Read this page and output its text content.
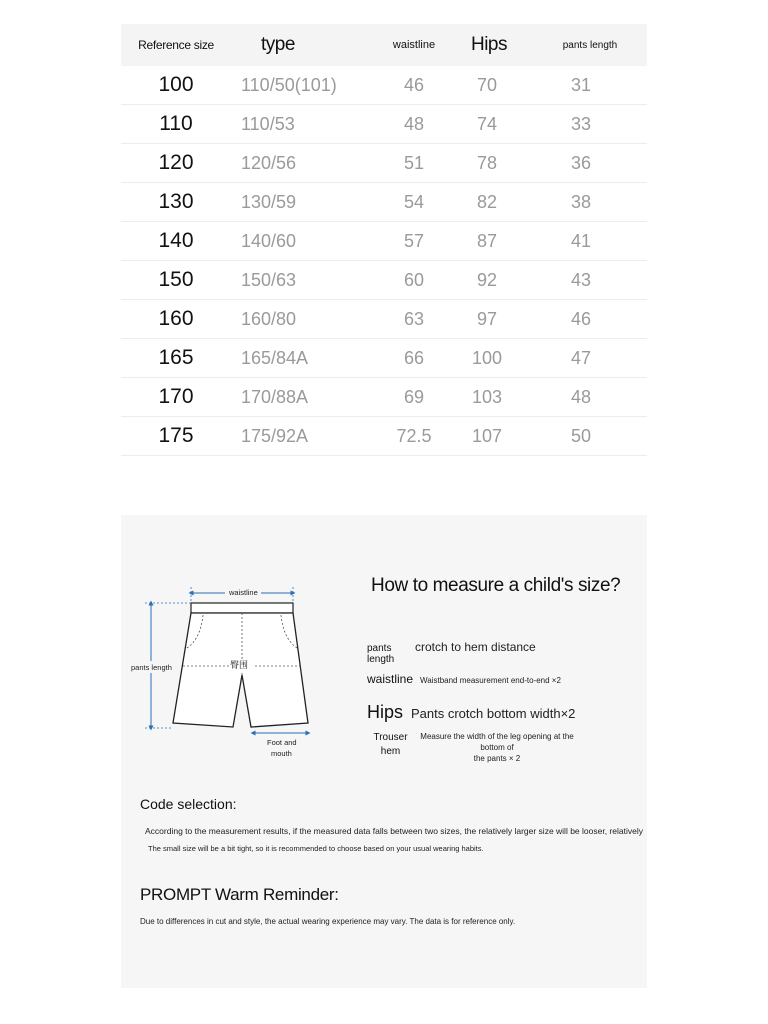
Reference size	type	waistline	Hips	pants length
100	110/50(101)	46	70	31
110	110/53	48	74	33
120	120/56	51	78	36
130	130/59	54	82	38
140	140/60	57	87	41
150	150/63	60	92	43
160	160/80	63	97	46
165	165/84A	66	100	47
170	170/88A	69	103	48
175	175/92A	72.5	107	50
waistline
臀围
pants length
Foot and
mouth
How to measure a child's size?
pants length
crotch to hem distance
waistline Waistband measurement end-to-end ×2
Hips Pants crotch bottom width×2
Trouser
hem
Measure the width of the leg opening at the bottom of
the pants × 2
Code selection:
According to the measurement results, if the measured data falls between two sizes, the relatively larger size will be looser, relatively
The small size will be a bit tight, so it is recommended to choose based on your usual wearing habits.
PROMPT Warm Reminder:
Due to differences in cut and style, the actual wearing experience may vary. The data is for reference only.
